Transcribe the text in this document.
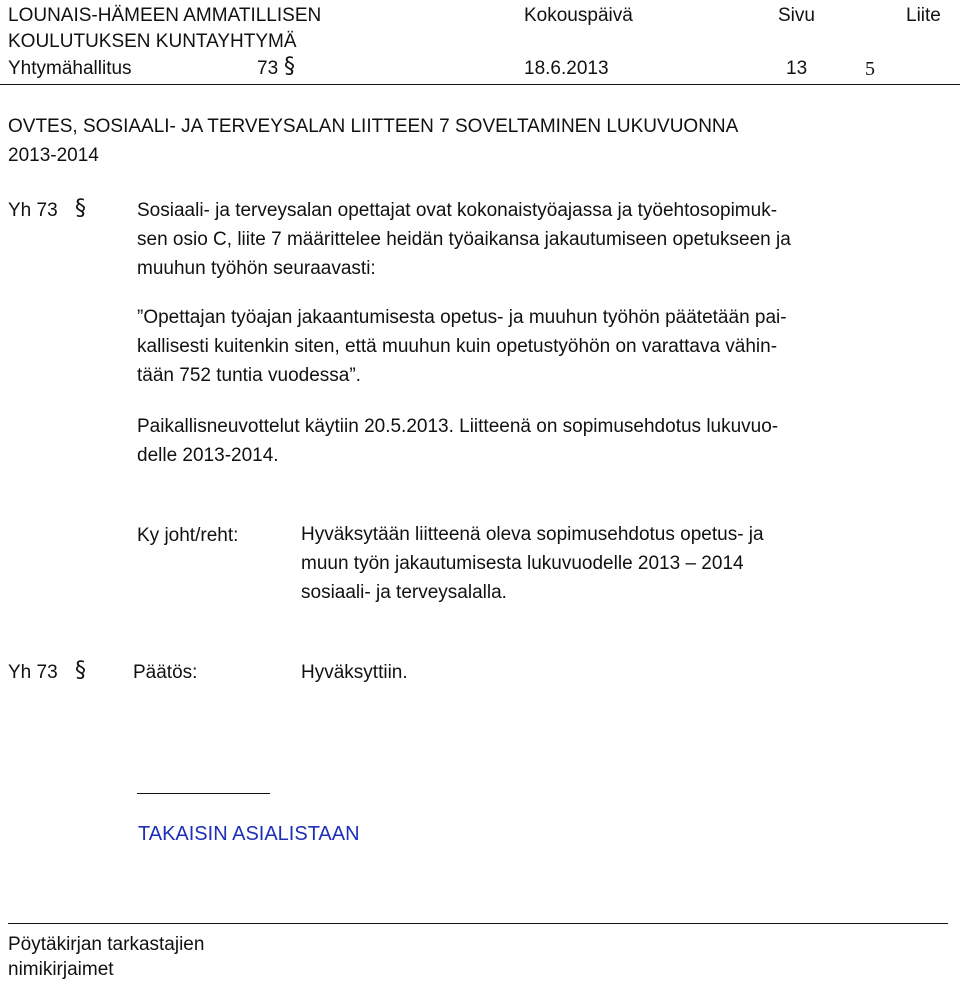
LOUNAIS-HÄMEEN AMMATILLISEN
KOULUTUKSEN KUNTAYHTYMÄ
Kokouspäivä	Sivu	Liite
Yhtymähallitus	73 §	18.6.2013	13	5
OVTES, SOSIAALI- JA TERVEYSALAN LIITTEEN 7 SOVELTAMINEN LUKUVUONNA
2013-2014
Yh 73 §	Sosiaali- ja terveysalan opettajat ovat kokonaistyöajassa ja työehtosopimuk-
sen osio C, liite 7 määrittelee heidän työaikansa jakautumiseen opetukseen ja
muuhun työhön seuraavasti:
”Opettajan työajan jakaantumisesta opetus- ja muuhun työhön päätetään pai-
kallisesti kuitenkin siten, että muuhun kuin opetustyöhön on varattava vähin-
tään 752 tuntia vuodessa”.
Paikallisneuvottelut käytiin 20.5.2013. Liitteenä on sopimusehdotus lukuvuo-
delle 2013-2014.
Ky joht/reht:	Hyväksytään liitteenä oleva sopimusehdotus opetus- ja
muun työn jakautumisesta lukuvuodelle 2013 – 2014
sosiaali- ja terveysalalla.
Yh 73 § Päätös:	Hyväksyttiin.
TAKAISIN ASIALISTAAN
Pöytäkirjan tarkastajien
nimikirjaimet
